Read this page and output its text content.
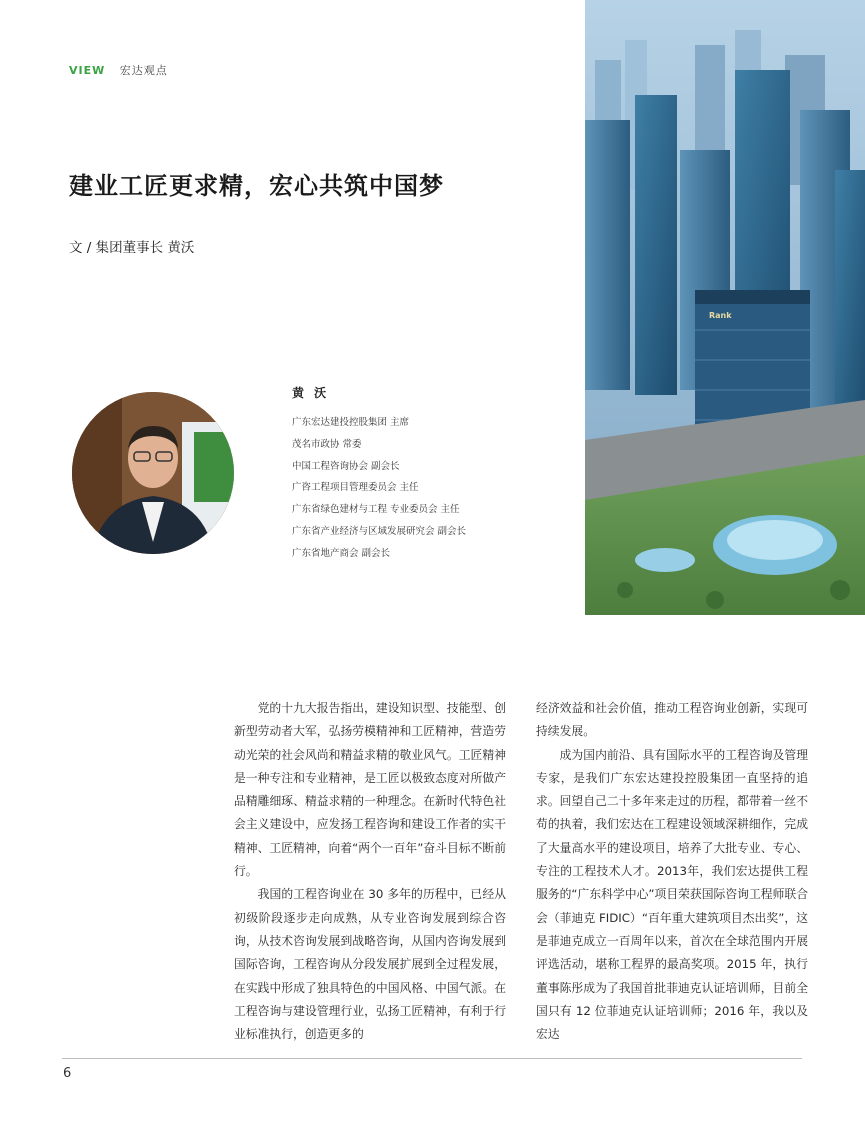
VIEW 宏达观点
建业工匠更求精，宏心共筑中国梦
文 / 集团董事长 黄沃
Rank
黄 沃
广东宏达建投控股集团 主席
茂名市政协 常委
中国工程咨询协会 副会长
广咨工程项目管理委员会 主任
广东省绿色建材与工程 专业委员会 主任
广东省产业经济与区域发展研究会 副会长
广东省地产商会 副会长

党的十九大报告指出，建设知识型、技能型、创新型劳动者大军，弘扬劳模精神和工匠精神，营造劳动光荣的社会风尚和精益求精的敬业风气。工匠精神是一种专注和专业精神，是工匠以极致态度对所做产品精雕细琢、精益求精的一种理念。在新时代特色社会主义建设中，应发扬工程咨询和建设工作者的实干精神、工匠精神，向着“两个一百年”奋斗目标不断前行。

我国的工程咨询业在 30 多年的历程中，已经从初级阶段逐步走向成熟，从专业咨询发展到综合咨询，从技术咨询发展到战略咨询，从国内咨询发展到国际咨询，工程咨询从分段发展扩展到全过程发展，在实践中形成了独具特色的中国风格、中国气派。在工程咨询与建设管理行业，弘扬工匠精神，有利于行业标准执行，创造更多的

经济效益和社会价值，推动工程咨询业创新，实现可持续发展。

成为国内前沿、具有国际水平的工程咨询及管理专家，是我们广东宏达建投控股集团一直坚持的追求。回望自己二十多年来走过的历程，都带着一丝不苟的执着，我们宏达在工程建设领域深耕细作，完成了大量高水平的建设项目，培养了大批专业、专心、专注的工程技术人才。2013年，我们宏达提供工程服务的“广东科学中心”项目荣获国际咨询工程师联合会（菲迪克 FIDIC）“百年重大建筑项目杰出奖”，这是菲迪克成立一百周年以来，首次在全球范围内开展评选活动，堪称工程界的最高奖项。2015 年，执行董事陈彤成为了我国首批菲迪克认证培训师，目前全国只有 12 位菲迪克认证培训师；2016 年，我以及宏达

6
